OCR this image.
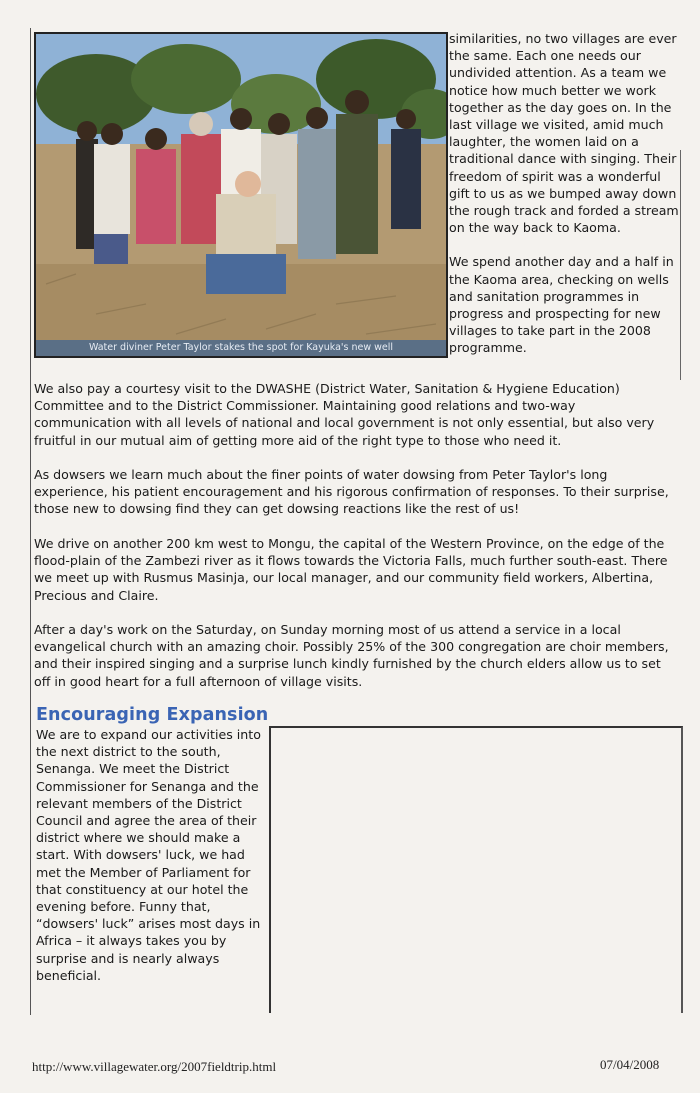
Water diviner Peter Taylor stakes the spot for Kayuka's new well

similarities, no two villages are ever the same. Each one needs our undivided attention. As a team we notice how much better we work together as the day goes on. In the last village we visited, amid much laughter, the women laid on a traditional dance with singing. Their freedom of spirit was a wonderful gift to us as we bumped away down the rough track and forded a stream on the way back to Kaoma.

We spend another day and a half in the Kaoma area, checking on wells and sanitation programmes in progress and prospecting for new villages to take part in the 2008 programme.

We also pay a courtesy visit to the DWASHE (District Water, Sanitation & Hygiene Education) Committee and to the District Commissioner. Maintaining good relations and two-way communication with all levels of national and local government is not only essential, but also very fruitful in our mutual aim of getting more aid of the right type to those who need it.

As dowsers we learn much about the finer points of water dowsing from Peter Taylor's long experience, his patient encouragement and his rigorous confirmation of responses. To their surprise, those new to dowsing find they can get dowsing reactions like the rest of us!

We drive on another 200 km west to Mongu, the capital of the Western Province, on the edge of the flood-plain of the Zambezi river as it flows towards the Victoria Falls, much further south-east. There we meet up with Rusmus Masinja, our local manager, and our community field workers, Albertina, Precious and Claire.

After a day's work on the Saturday, on Sunday morning most of us attend a service in a local evangelical church with an amazing choir. Possibly 25% of the 300 congregation are choir members, and their inspired singing and a surprise lunch kindly furnished by the church elders allow us to set off in good heart for a full afternoon of village visits.

Encouraging Expansion

We are to expand our activities into the next district to the south, Senanga. We meet the District Commissioner for Senanga and the relevant members of the District Council and agree the area of their district where we should make a start. With dowsers' luck, we had met the Member of Parliament for that constituency at our hotel the evening before. Funny that, “dowsers' luck” arises most days in Africa – it always takes you by surprise and is nearly always beneficial.

http://www.villagewater.org/2007fieldtrip.html	07/04/2008
